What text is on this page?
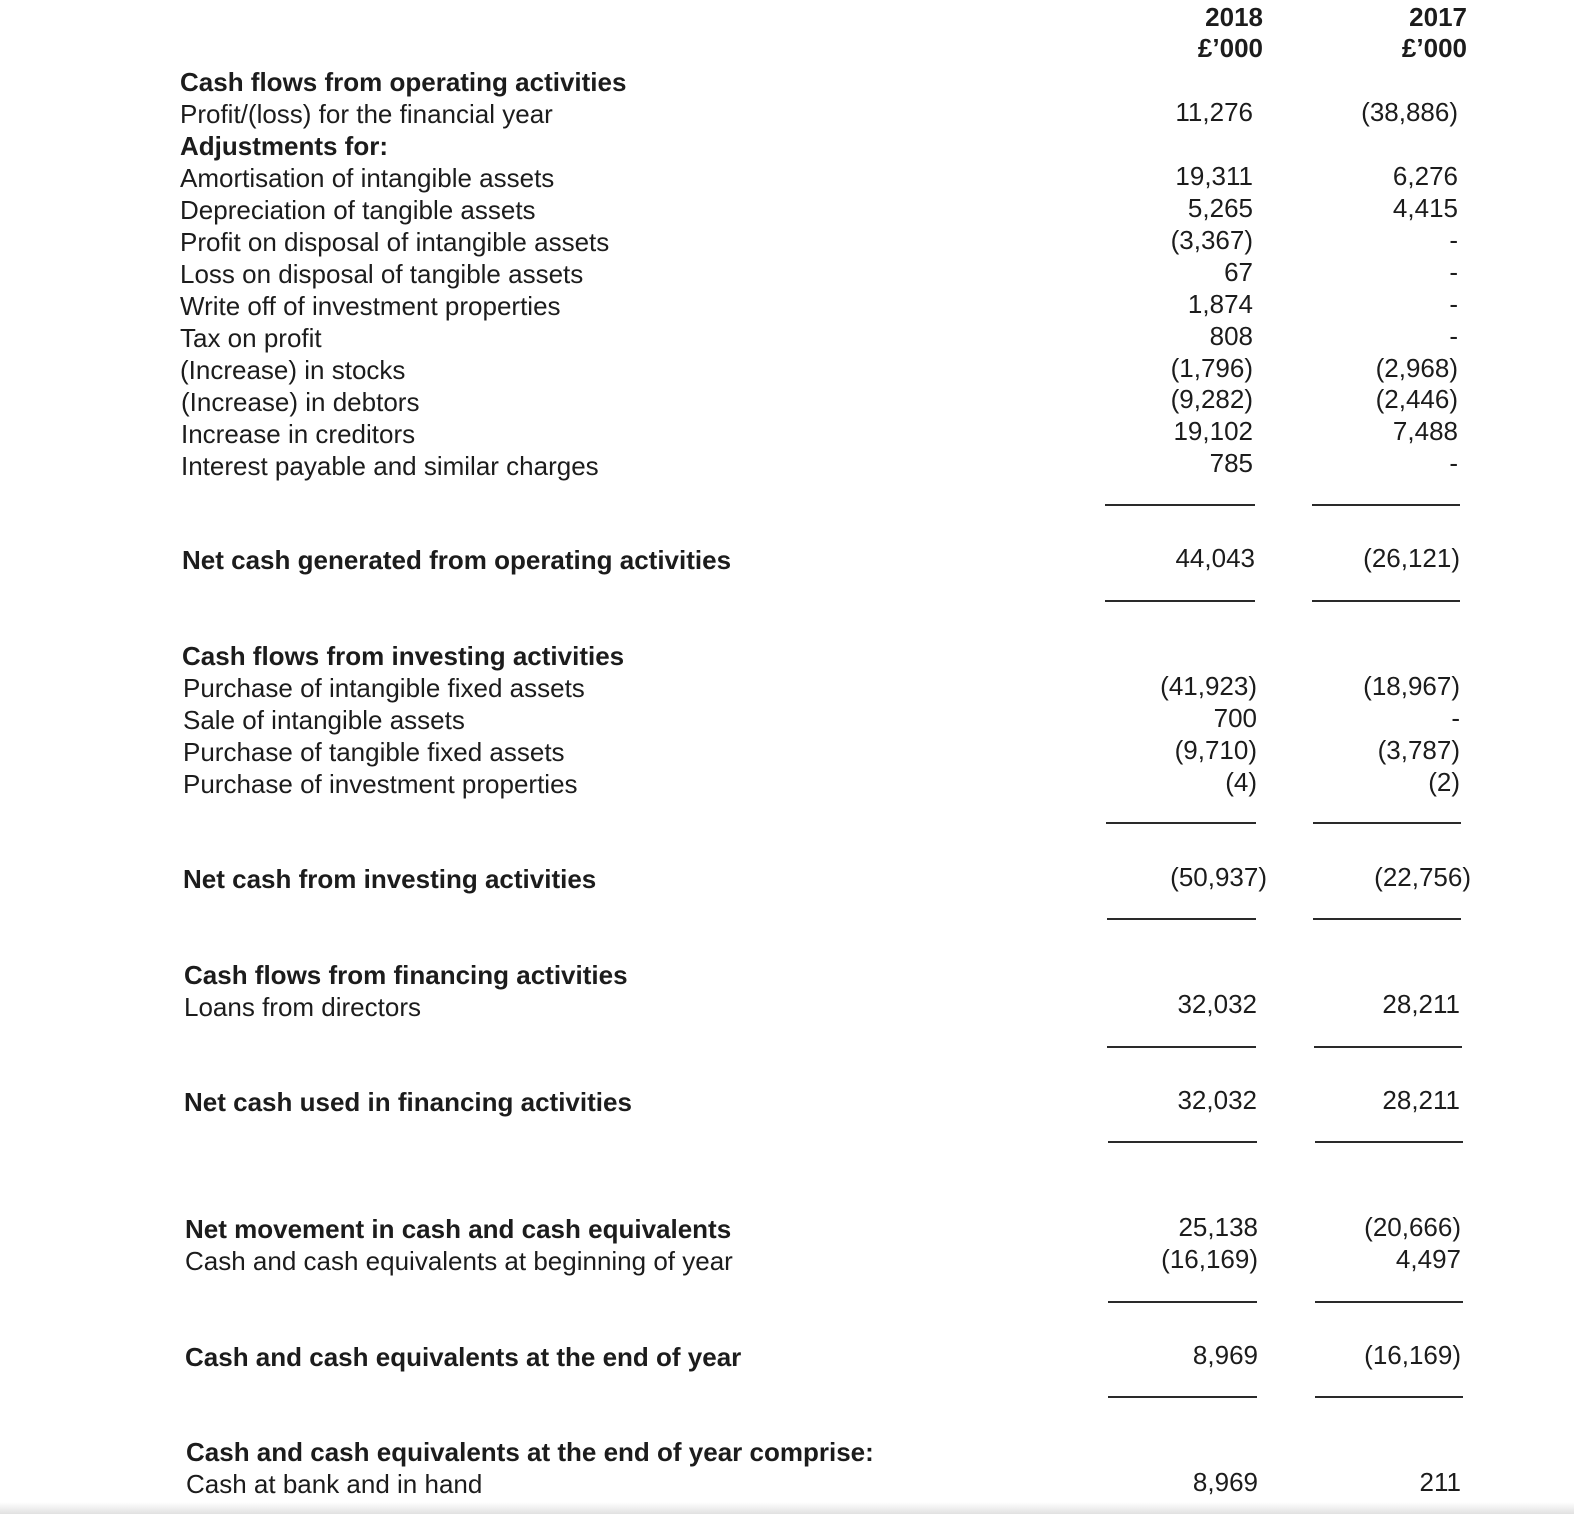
2018
£’000
2017
£’000
Cash flows from operating activities
Profit/(loss) for the financial year	11,276	(38,886)
Adjustments for:
Amortisation of intangible assets	19,311	6,276
Depreciation of tangible assets	5,265	4,415
Profit on disposal of intangible assets	(3,367)	-
Loss on disposal of tangible assets	67	-
Write off of investment properties	1,874	-
Tax on profit	808	-
(Increase) in stocks	(1,796)	(2,968)
(Increase) in debtors	(9,282)	(2,446)
Increase in creditors	19,102	7,488
Interest payable and similar charges	785	-
Net cash generated from operating activities	44,043	(26,121)
Cash flows from investing activities
Purchase of intangible fixed assets	(41,923)	(18,967)
Sale of intangible assets	700	-
Purchase of tangible fixed assets	(9,710)	(3,787)
Purchase of investment properties	(4)	(2)
Net cash from investing activities	(50,937)	(22,756)
Cash flows from financing activities
Loans from directors	32,032	28,211
Net cash used in financing activities	32,032	28,211
Net movement in cash and cash equivalents	25,138	(20,666)
Cash and cash equivalents at beginning of year	(16,169)	4,497
Cash and cash equivalents at the end of year	8,969	(16,169)
Cash and cash equivalents at the end of year comprise:
Cash at bank and in hand	8,969	211
